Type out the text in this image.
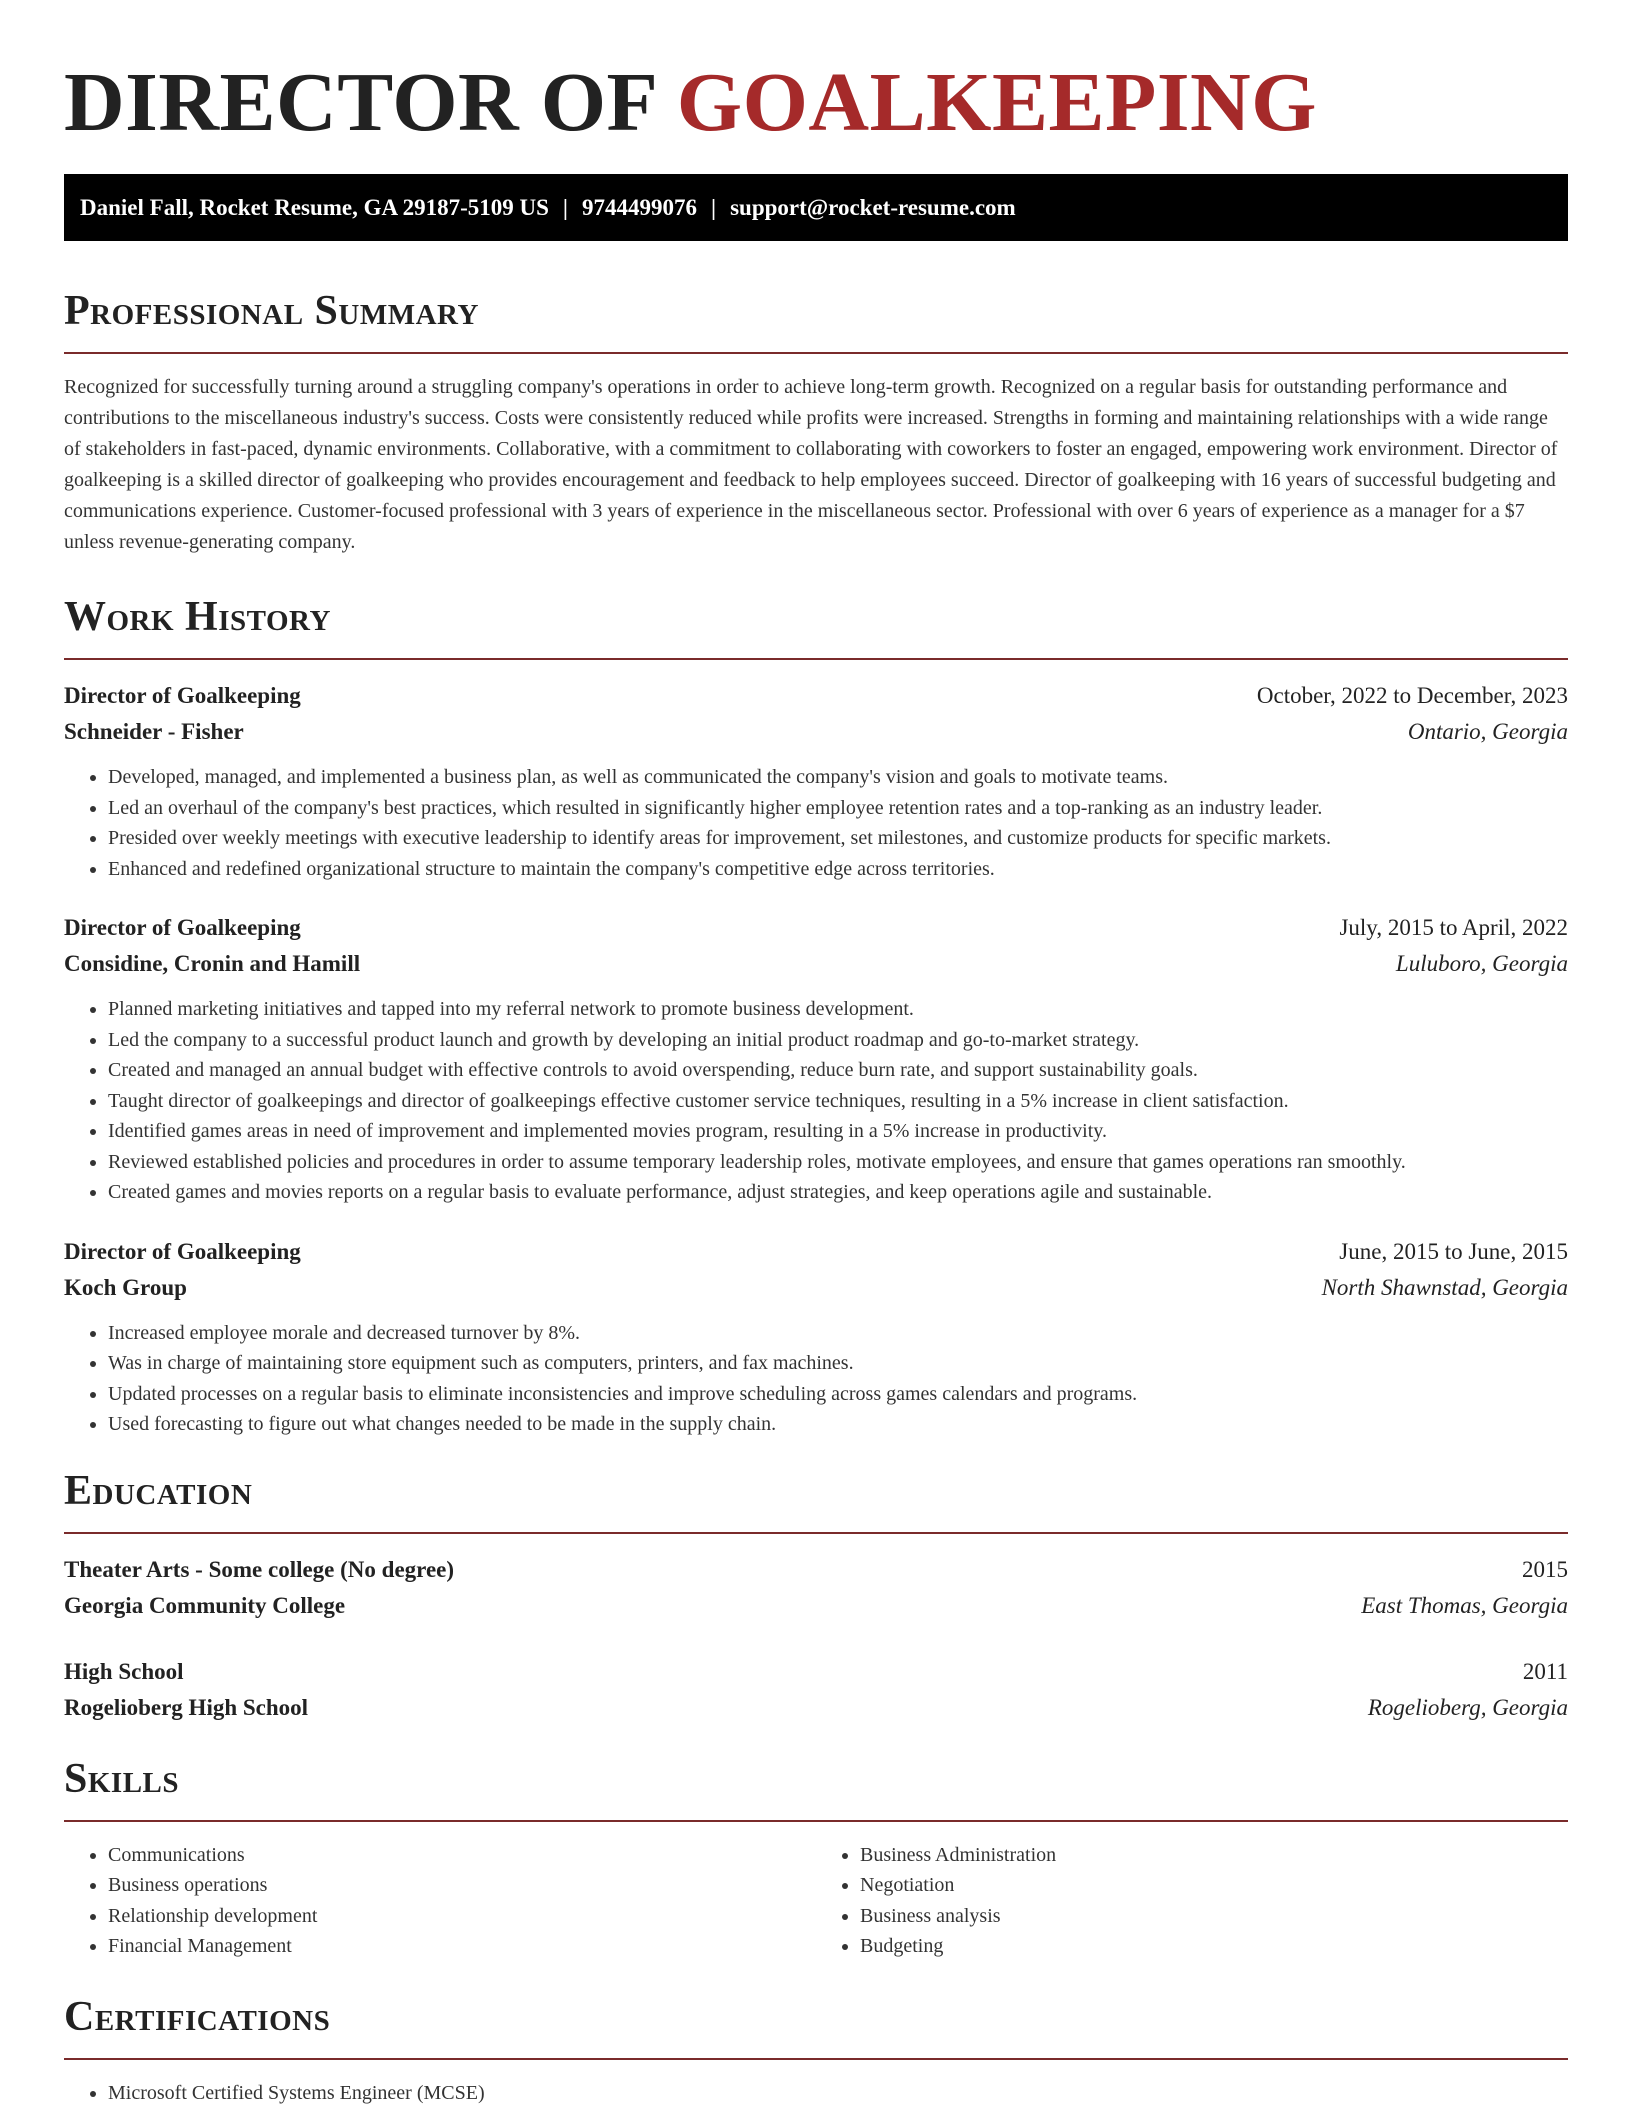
DIRECTOR OF GOALKEEPING
Daniel Fall, Rocket Resume, GA 29187-5109 US | 9744499076 | support@rocket-resume.com
Professional Summary

Recognized for successfully turning around a struggling company's operations in order to achieve long-term growth. Recognized on a regular basis for outstanding performance and contributions to the miscellaneous industry's success. Costs were consistently reduced while profits were increased. Strengths in forming and maintaining relationships with a wide range of stakeholders in fast-paced, dynamic environments. Collaborative, with a commitment to collaborating with coworkers to foster an engaged, empowering work environment. Director of goalkeeping is a skilled director of goalkeeping who provides encouragement and feedback to help employees succeed. Director of goalkeeping with 16 years of successful budgeting and communications experience. Customer-focused professional with 3 years of experience in the miscellaneous sector. Professional with over 6 years of experience as a manager for a $7 unless revenue-generating company.

Work History
Director of Goalkeeping	October, 2022 to December, 2023
Schneider - Fisher	Ontario, Georgia
• Developed, managed, and implemented a business plan, as well as communicated the company's vision and goals to motivate teams.
• Led an overhaul of the company's best practices, which resulted in significantly higher employee retention rates and a top-ranking as an industry leader.
• Presided over weekly meetings with executive leadership to identify areas for improvement, set milestones, and customize products for specific markets.
• Enhanced and redefined organizational structure to maintain the company's competitive edge across territories.
Director of Goalkeeping	July, 2015 to April, 2022
Considine, Cronin and Hamill	Luluboro, Georgia
• Planned marketing initiatives and tapped into my referral network to promote business development.
• Led the company to a successful product launch and growth by developing an initial product roadmap and go-to-market strategy.
• Created and managed an annual budget with effective controls to avoid overspending, reduce burn rate, and support sustainability goals.
• Taught director of goalkeepings and director of goalkeepings effective customer service techniques, resulting in a 5% increase in client satisfaction.
• Identified games areas in need of improvement and implemented movies program, resulting in a 5% increase in productivity.
• Reviewed established policies and procedures in order to assume temporary leadership roles, motivate employees, and ensure that games operations ran smoothly.
• Created games and movies reports on a regular basis to evaluate performance, adjust strategies, and keep operations agile and sustainable.
Director of Goalkeeping	June, 2015 to June, 2015
Koch Group	North Shawnstad, Georgia
• Increased employee morale and decreased turnover by 8%.
• Was in charge of maintaining store equipment such as computers, printers, and fax machines.
• Updated processes on a regular basis to eliminate inconsistencies and improve scheduling across games calendars and programs.
• Used forecasting to figure out what changes needed to be made in the supply chain.
Education
Theater Arts - Some college (No degree)	2015
Georgia Community College	East Thomas, Georgia
High School	2011
Rogelioberg High School	Rogelioberg, Georgia
Skills
• Communications
• Business operations
• Relationship development
• Financial Management
• Business Administration
• Negotiation
• Business analysis
• Budgeting
Certifications
• Microsoft Certified Systems Engineer (MCSE)
